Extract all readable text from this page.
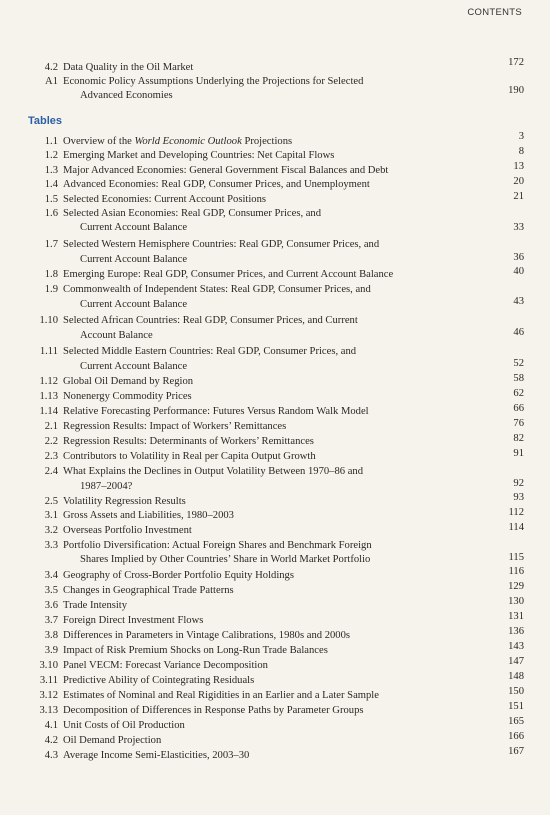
CONTENTS
4.2 Data Quality in the Oil Market	172
A1 Economic Policy Assumptions Underlying the Projections for Selected
Advanced Economies	190
Tables
1.1 Overview of the World Economic Outlook Projections	3
1.2 Emerging Market and Developing Countries: Net Capital Flows	8
1.3 Major Advanced Economies: General Government Fiscal Balances and Debt	13
1.4 Advanced Economies: Real GDP, Consumer Prices, and Unemployment	20
1.5 Selected Economies: Current Account Positions	21
1.6 Selected Asian Economies: Real GDP, Consumer Prices, and
Current Account Balance	33
1.7 Selected Western Hemisphere Countries: Real GDP, Consumer Prices, and
Current Account Balance	36
1.8 Emerging Europe: Real GDP, Consumer Prices, and Current Account Balance	40
1.9 Commonwealth of Independent States: Real GDP, Consumer Prices, and
Current Account Balance	43
1.10 Selected African Countries: Real GDP, Consumer Prices, and Current
Account Balance	46
1.11 Selected Middle Eastern Countries: Real GDP, Consumer Prices, and
Current Account Balance	52
1.12 Global Oil Demand by Region	58
1.13 Nonenergy Commodity Prices	62
1.14 Relative Forecasting Performance: Futures Versus Random Walk Model	66
2.1 Regression Results: Impact of Workers’ Remittances	76
2.2 Regression Results: Determinants of Workers’ Remittances	82
2.3 Contributors to Volatility in Real per Capita Output Growth	91
2.4 What Explains the Declines in Output Volatility Between 1970–86 and
1987–2004?	92
2.5 Volatility Regression Results	93
3.1 Gross Assets and Liabilities, 1980–2003	112
3.2 Overseas Portfolio Investment	114
3.3 Portfolio Diversification: Actual Foreign Shares and Benchmark Foreign
Shares Implied by Other Countries’ Share in World Market Portfolio	115
3.4 Geography of Cross-Border Portfolio Equity Holdings	116
3.5 Changes in Geographical Trade Patterns	129
3.6 Trade Intensity	130
3.7 Foreign Direct Investment Flows	131
3.8 Differences in Parameters in Vintage Calibrations, 1980s and 2000s	136
3.9 Impact of Risk Premium Shocks on Long-Run Trade Balances	143
3.10 Panel VECM: Forecast Variance Decomposition	147
3.11 Predictive Ability of Cointegrating Residuals	148
3.12 Estimates of Nominal and Real Rigidities in an Earlier and a Later Sample	150
3.13 Decomposition of Differences in Response Paths by Parameter Groups	151
4.1 Unit Costs of Oil Production	165
4.2 Oil Demand Projection	166
4.3 Average Income Semi-Elasticities, 2003–30	167
